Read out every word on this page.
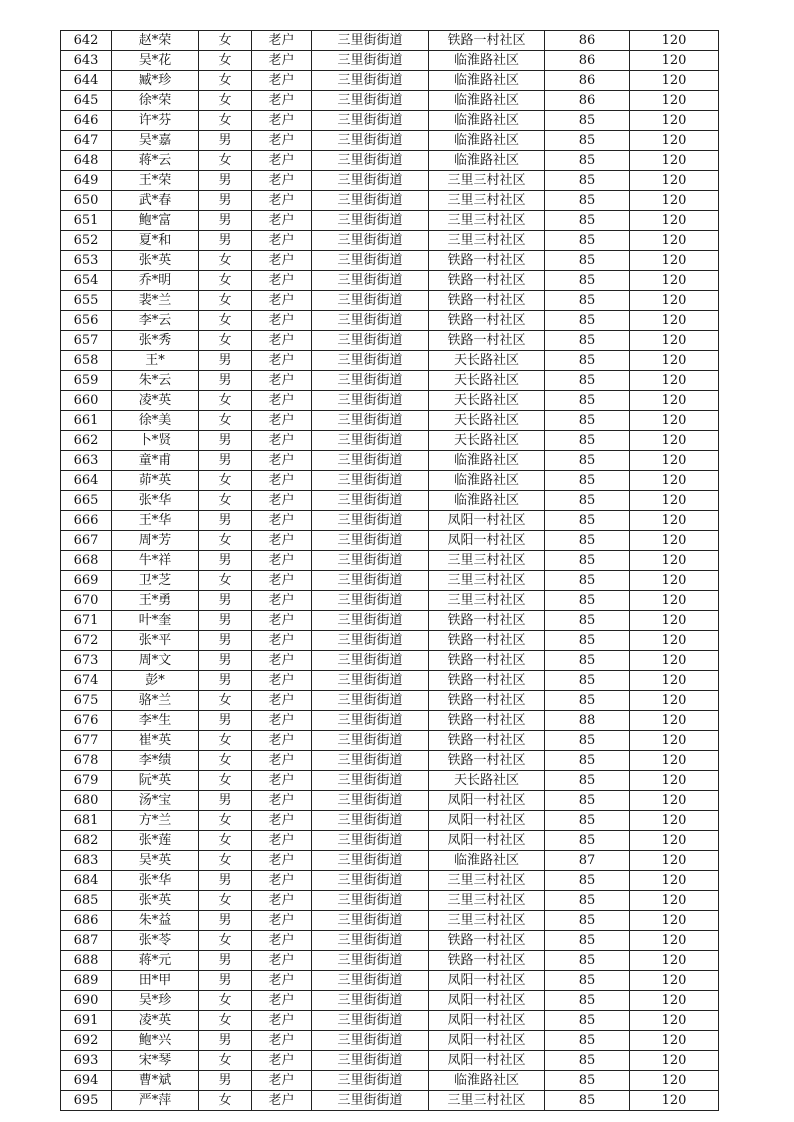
642	赵*荣	女	老户	三里街街道	铁路一村社区	86	120
643	吴*花	女	老户	三里街街道	临淮路社区	86	120
644	臧*珍	女	老户	三里街街道	临淮路社区	86	120
645	徐*荣	女	老户	三里街街道	临淮路社区	86	120
646	许*芬	女	老户	三里街街道	临淮路社区	85	120
647	吴*嘉	男	老户	三里街街道	临淮路社区	85	120
648	蒋*云	女	老户	三里街街道	临淮路社区	85	120
649	王*荣	男	老户	三里街街道	三里三村社区	85	120
650	武*春	男	老户	三里街街道	三里三村社区	85	120
651	鲍*富	男	老户	三里街街道	三里三村社区	85	120
652	夏*和	男	老户	三里街街道	三里三村社区	85	120
653	张*英	女	老户	三里街街道	铁路一村社区	85	120
654	乔*明	女	老户	三里街街道	铁路一村社区	85	120
655	裴*兰	女	老户	三里街街道	铁路一村社区	85	120
656	李*云	女	老户	三里街街道	铁路一村社区	85	120
657	张*秀	女	老户	三里街街道	铁路一村社区	85	120
658	王*	男	老户	三里街街道	天长路社区	85	120
659	朱*云	男	老户	三里街街道	天长路社区	85	120
660	凌*英	女	老户	三里街街道	天长路社区	85	120
661	徐*美	女	老户	三里街街道	天长路社区	85	120
662	卜*贤	男	老户	三里街街道	天长路社区	85	120
663	童*甫	男	老户	三里街街道	临淮路社区	85	120
664	茆*英	女	老户	三里街街道	临淮路社区	85	120
665	张*华	女	老户	三里街街道	临淮路社区	85	120
666	王*华	男	老户	三里街街道	凤阳一村社区	85	120
667	周*芳	女	老户	三里街街道	凤阳一村社区	85	120
668	牛*祥	男	老户	三里街街道	三里三村社区	85	120
669	卫*芝	女	老户	三里街街道	三里三村社区	85	120
670	王*勇	男	老户	三里街街道	三里三村社区	85	120
671	叶*奎	男	老户	三里街街道	铁路一村社区	85	120
672	张*平	男	老户	三里街街道	铁路一村社区	85	120
673	周*文	男	老户	三里街街道	铁路一村社区	85	120
674	彭*	男	老户	三里街街道	铁路一村社区	85	120
675	骆*兰	女	老户	三里街街道	铁路一村社区	85	120
676	李*生	男	老户	三里街街道	铁路一村社区	88	120
677	崔*英	女	老户	三里街街道	铁路一村社区	85	120
678	李*绩	女	老户	三里街街道	铁路一村社区	85	120
679	阮*英	女	老户	三里街街道	天长路社区	85	120
680	汤*宝	男	老户	三里街街道	凤阳一村社区	85	120
681	方*兰	女	老户	三里街街道	凤阳一村社区	85	120
682	张*莲	女	老户	三里街街道	凤阳一村社区	85	120
683	吴*英	女	老户	三里街街道	临淮路社区	87	120
684	张*华	男	老户	三里街街道	三里三村社区	85	120
685	张*英	女	老户	三里街街道	三里三村社区	85	120
686	朱*益	男	老户	三里街街道	三里三村社区	85	120
687	张*苓	女	老户	三里街街道	铁路一村社区	85	120
688	蒋*元	男	老户	三里街街道	铁路一村社区	85	120
689	田*甲	男	老户	三里街街道	凤阳一村社区	85	120
690	吴*珍	女	老户	三里街街道	凤阳一村社区	85	120
691	凌*英	女	老户	三里街街道	凤阳一村社区	85	120
692	鲍*兴	男	老户	三里街街道	凤阳一村社区	85	120
693	宋*琴	女	老户	三里街街道	凤阳一村社区	85	120
694	曹*斌	男	老户	三里街街道	临淮路社区	85	120
695	严*萍	女	老户	三里街街道	三里三村社区	85	120
